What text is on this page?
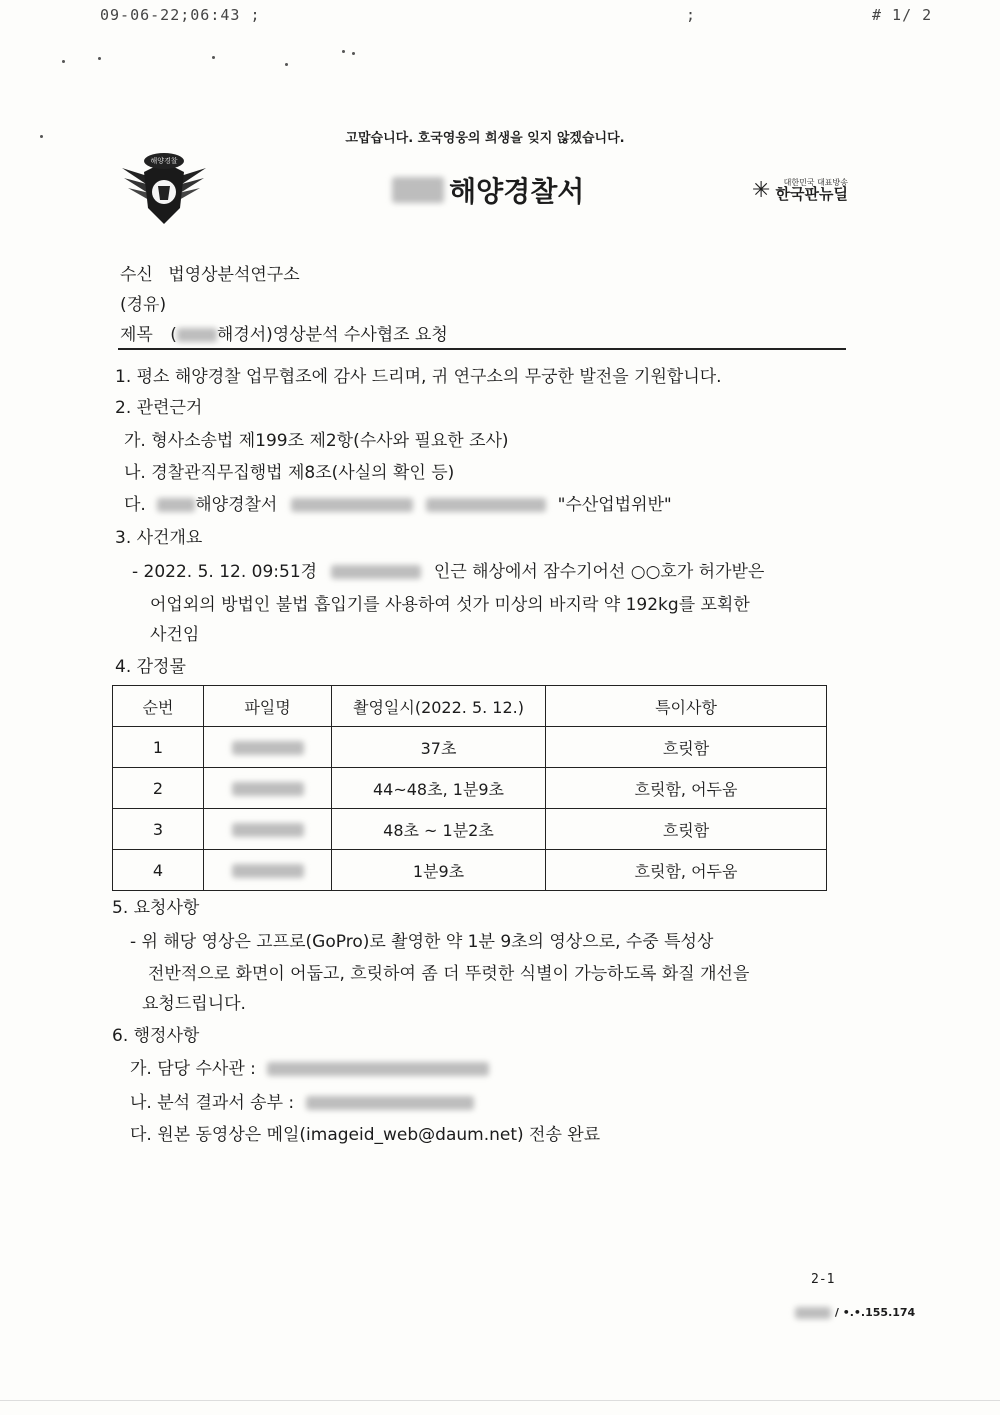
09-06-22;06:43 ;	;	# 1/ 2
고맙습니다. 호국영웅의 희생을 잊지 않겠습니다.
해양경찰
해양경찰서	✳	대한민국 대표방송
한국판뉴딜
수신 법영상분석연구소
(경유)
제목 ( 해경서)영상분석 수사협조 요청
1. 평소 해양경찰 업무협조에 감사 드리며, 귀 연구소의 무궁한 발전을 기원합니다.
2. 관련근거
가. 형사소송법 제199조 제2항(수사와 필요한 조사)
나. 경찰관직무집행법 제8조(사실의 확인 등)
다.	해양경찰서	"수산업법위반"
3. 사건개요
- 2022. 5. 12. 09:51경	인근 해상에서 잠수기어선 ○○호가 허가받은
어업외의 방법인 불법 흡입기를 사용하여 섯가 미상의 바지락 약 192kg를 포획한
사건임
4. 감정물
순번	파일명	촬영일시(2022. 5. 12.)	특이사항
1		37초	흐릿함
2		44~48초, 1분9초	흐릿함, 어두움
3		48초 ~ 1분2초	흐릿함
4		1분9초	흐릿함, 어두움
5. 요청사항
- 위 해당 영상은 고프로(GoPro)로 촬영한 약 1분 9초의 영상으로, 수중 특성상
전반적으로 화면이 어둡고, 흐릿하여 좀 더 뚜렷한 식별이 가능하도록 화질 개선을
요청드립니다.
6. 행정사항
가. 담당 수사관 :
나. 분석 결과서 송부 :
다. 원본 동영상은 메일(imageid_web@daum.net) 전송 완료
2-1
/ •.•.155.174
